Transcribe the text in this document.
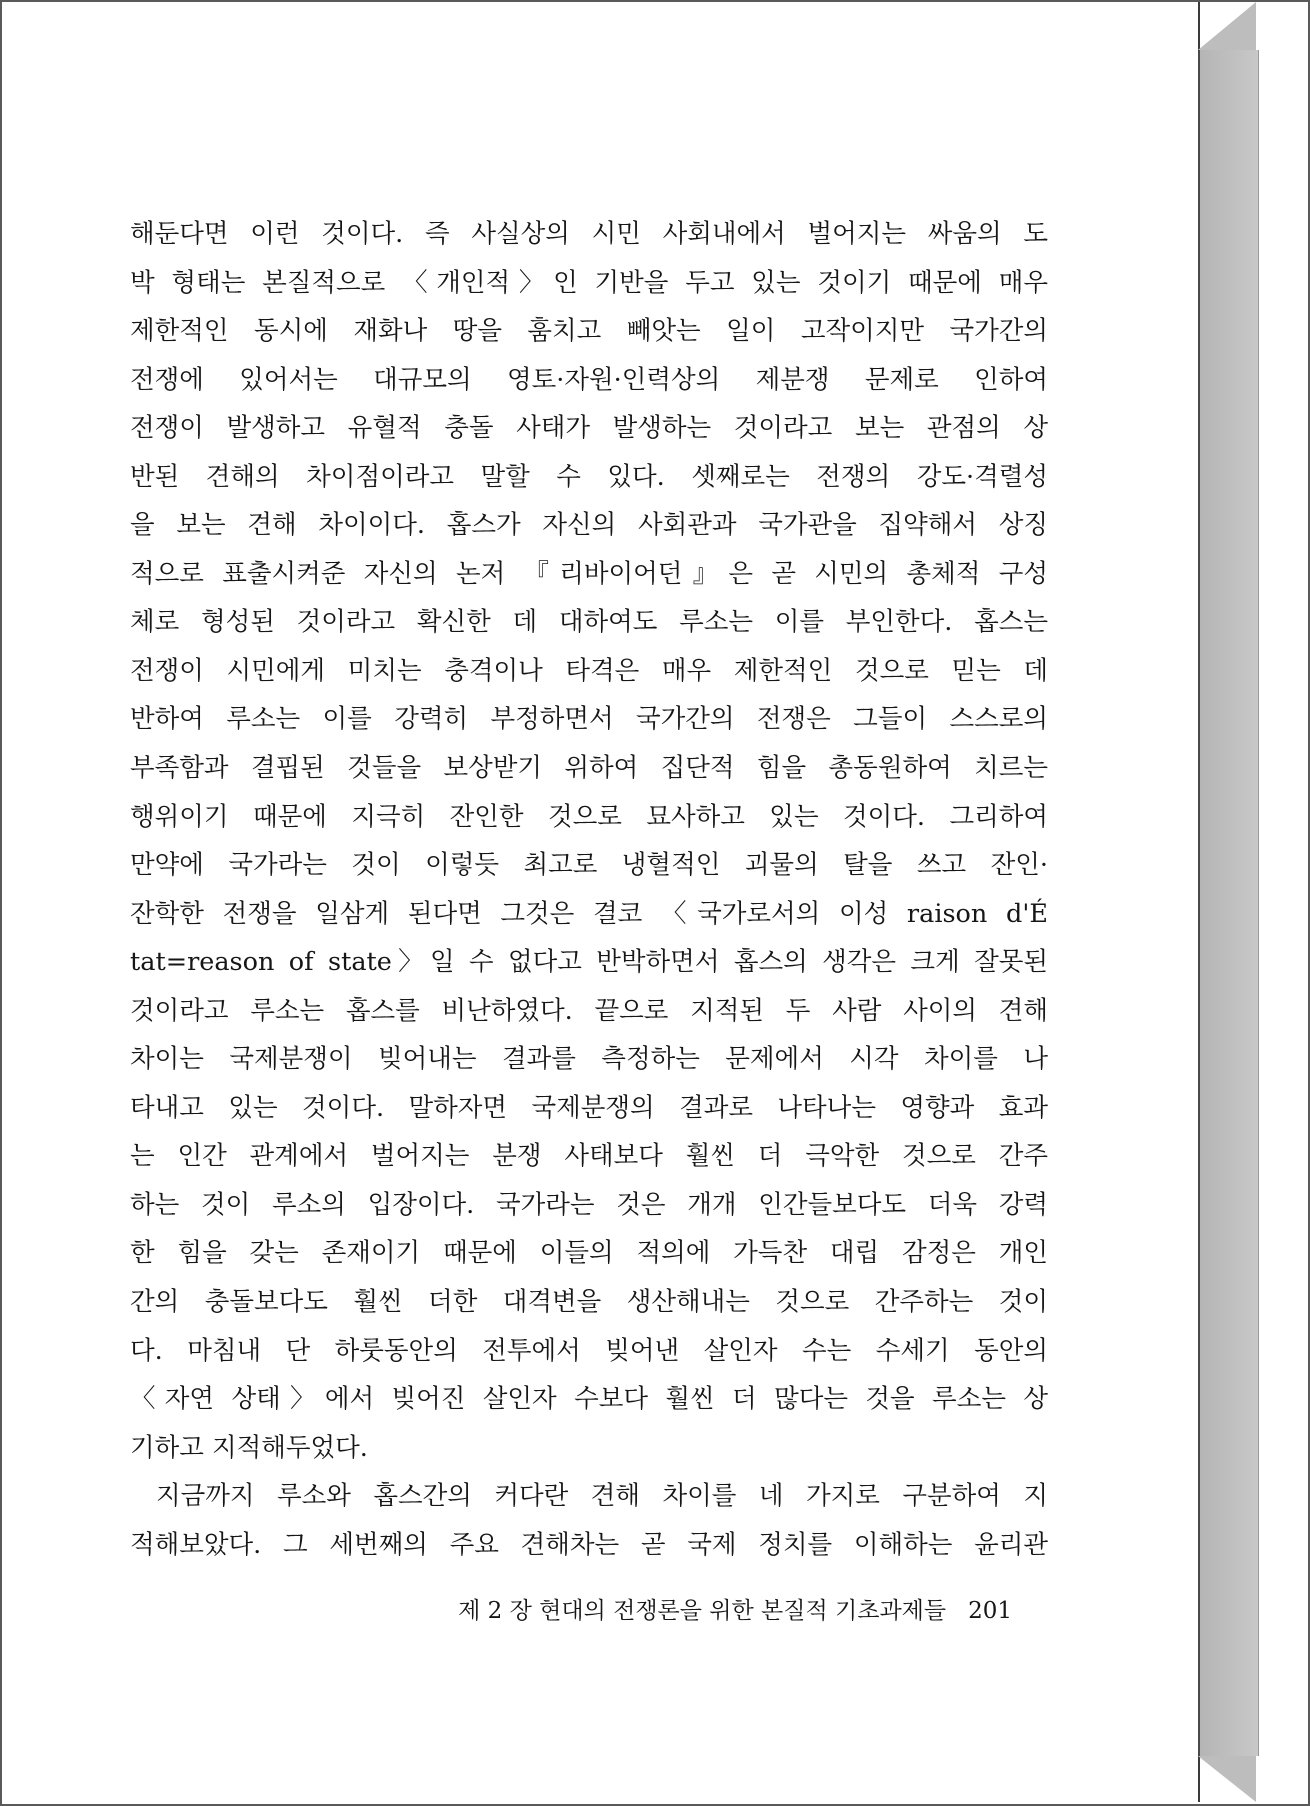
해둔다면 이런 것이다. 즉 사실상의 시민 사회내에서 벌어지는 싸움의 도
박 형태는 본질적으로 〈개인적〉인 기반을 두고 있는 것이기 때문에 매우
제한적인 동시에 재화나 땅을 훔치고 빼앗는 일이 고작이지만 국가간의
전쟁에 있어서는 대규모의 영토·자원·인력상의 제분쟁 문제로 인하여
전쟁이 발생하고 유혈적 충돌 사태가 발생하는 것이라고 보는 관점의 상
반된 견해의 차이점이라고 말할 수 있다. 셋째로는 전쟁의 강도·격렬성
을 보는 견해 차이이다. 홉스가 자신의 사회관과 국가관을 집약해서 상징
적으로 표출시켜준 자신의 논저 『리바이어던』은 곧 시민의 총체적 구성
체로 형성된 것이라고 확신한 데 대하여도 루소는 이를 부인한다. 홉스는
전쟁이 시민에게 미치는 충격이나 타격은 매우 제한적인 것으로 믿는 데
반하여 루소는 이를 강력히 부정하면서 국가간의 전쟁은 그들이 스스로의
부족함과 결핍된 것들을 보상받기 위하여 집단적 힘을 총동원하여 치르는
행위이기 때문에 지극히 잔인한 것으로 묘사하고 있는 것이다. 그리하여
만약에 국가라는 것이 이렇듯 최고로 냉혈적인 괴물의 탈을 쓰고 잔인·
잔학한 전쟁을 일삼게 된다면 그것은 결코 〈국가로서의 이성 raison d'É
tat=reason of state〉일 수 없다고 반박하면서 홉스의 생각은 크게 잘못된
것이라고 루소는 홉스를 비난하였다. 끝으로 지적된 두 사람 사이의 견해
차이는 국제분쟁이 빚어내는 결과를 측정하는 문제에서 시각 차이를 나
타내고 있는 것이다. 말하자면 국제분쟁의 결과로 나타나는 영향과 효과
는 인간 관계에서 벌어지는 분쟁 사태보다 훨씬 더 극악한 것으로 간주
하는 것이 루소의 입장이다. 국가라는 것은 개개 인간들보다도 더욱 강력
한 힘을 갖는 존재이기 때문에 이들의 적의에 가득찬 대립 감정은 개인
간의 충돌보다도 훨씬 더한 대격변을 생산해내는 것으로 간주하는 것이
다. 마침내 단 하룻동안의 전투에서 빚어낸 살인자 수는 수세기 동안의
〈자연 상태〉에서 빚어진 살인자 수보다 훨씬 더 많다는 것을 루소는 상
기하고 지적해두었다.
지금까지 루소와 홉스간의 커다란 견해 차이를 네 가지로 구분하여 지
적해보았다. 그 세번째의 주요 견해차는 곧 국제 정치를 이해하는 윤리관
제 2 장 현대의 전쟁론을 위한 본질적 기초과제들 201
